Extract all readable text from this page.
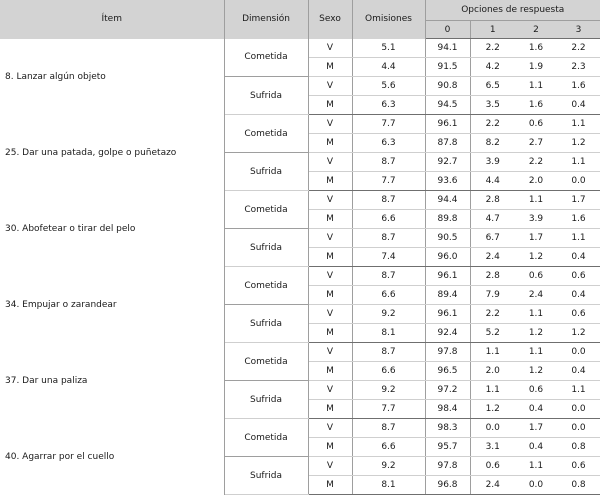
Ítem	Dimensión	Sexo	Omisiones	Opciones de respuesta			
				0	1	2	3
8. Lanzar algún objeto	Cometida	V	5.1	94.1	2.2	1.6	2.2
		M	4.4	91.5	4.2	1.9	2.3
	Sufrida	V	5.6	90.8	6.5	1.1	1.6
		M	6.3	94.5	3.5	1.6	0.4
25. Dar una patada, golpe o puñetazo	Cometida	V	7.7	96.1	2.2	0.6	1.1
		M	6.3	87.8	8.2	2.7	1.2
	Sufrida	V	8.7	92.7	3.9	2.2	1.1
		M	7.7	93.6	4.4	2.0	0.0
30. Abofetear o tirar del pelo	Cometida	V	8.7	94.4	2.8	1.1	1.7
		M	6.6	89.8	4.7	3.9	1.6
	Sufrida	V	8.7	90.5	6.7	1.7	1.1
		M	7.4	96.0	2.4	1.2	0.4
34. Empujar o zarandear	Cometida	V	8.7	96.1	2.8	0.6	0.6
		M	6.6	89.4	7.9	2.4	0.4
	Sufrida	V	9.2	96.1	2.2	1.1	0.6
		M	8.1	92.4	5.2	1.2	1.2
37. Dar una paliza	Cometida	V	8.7	97.8	1.1	1.1	0.0
		M	6.6	96.5	2.0	1.2	0.4
	Sufrida	V	9.2	97.2	1.1	0.6	1.1
		M	7.7	98.4	1.2	0.4	0.0
40. Agarrar por el cuello	Cometida	V	8.7	98.3	0.0	1.7	0.0
		M	6.6	95.7	3.1	0.4	0.8
	Sufrida	V	9.2	97.8	0.6	1.1	0.6
		M	8.1	96.8	2.4	0.0	0.8
